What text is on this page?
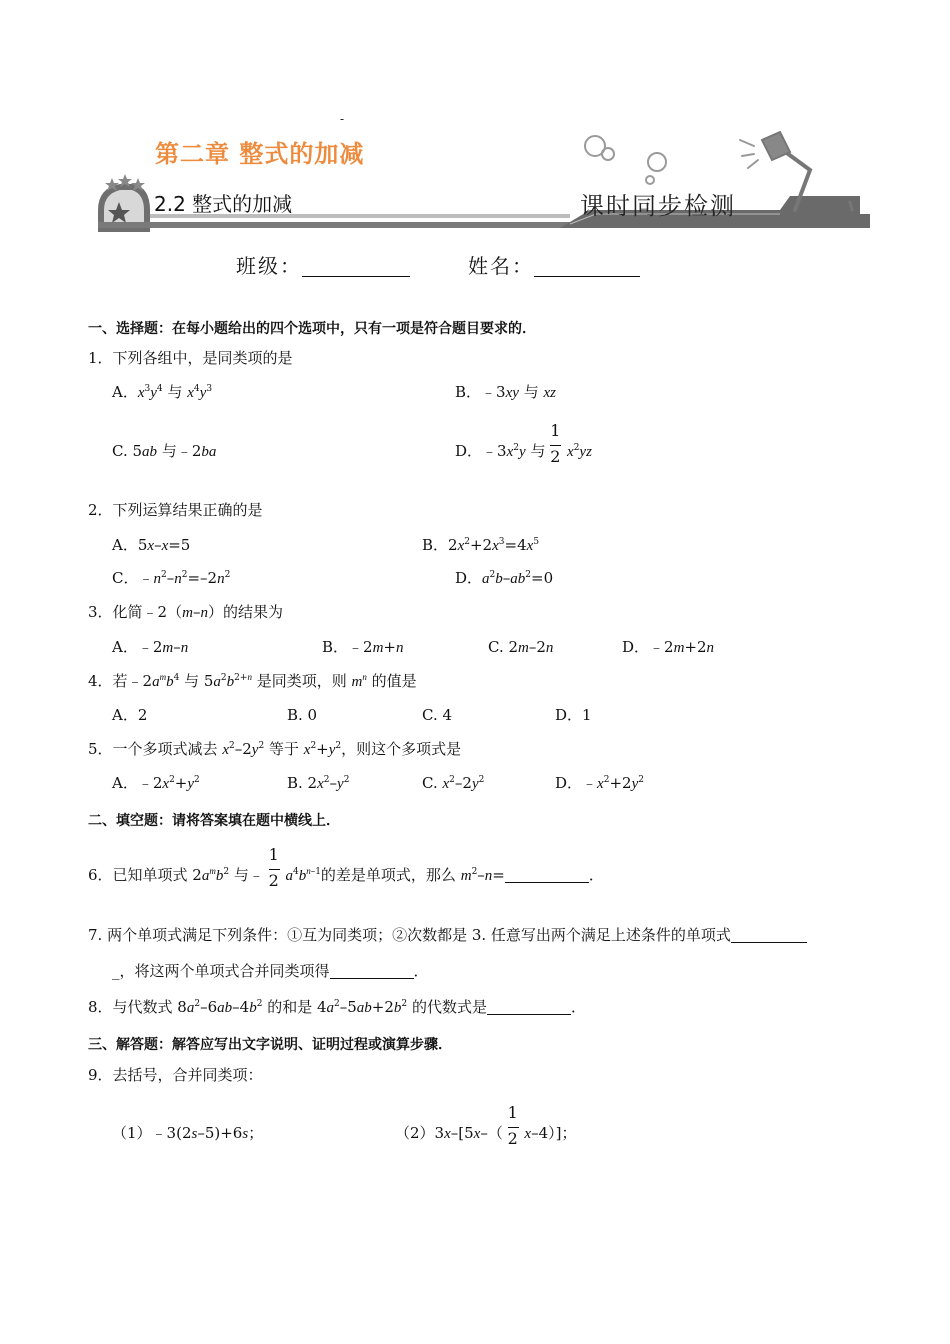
-
第二章 整式的加减
2.2 整式的加减	课时同步检测
班级：	姓名：
一、选择题：在每小题给出的四个选项中，只有一项是符合题目要求的．
1．下列各组中，是同类项的是
A．$x^3y^4$ 与 $x^4y^3$	B．﹣3xy 与 xz
C. 5ab 与﹣2ba	D．$﹣3x^2y$ 与 $\frac{1}{2} x^2yz$
2．下列运算结果正确的是
A．5x–x=5	B．$2x^2+2x^3=4x^5$
C．$﹣n^2-n^2=-2n^2$	D．$a^2b-ab^2=0$
3．化简﹣2（m–n）的结果为
A．﹣2m–n	B．﹣2m+n	C. 2m–2n	D．﹣2m+2n
4．若$﹣2a^mb^4$ 与 $5a^2b^{2+n}$ 是同类项，则 $m^n$ 的值是
A．2	B. 0	C. 4	D．1
5．一个多项式减去 $x^2-2y^2$ 等于 $x^2+y^2$，则这个多项式是
A．$﹣2x^2+y^2$	B. $2x^2-y^2$	C. $x^2-2y^2$	D．$﹣x^2+2y^2$
二、填空题：请将答案填在题中横线上．
6．已知单项式 $2a^mb^2$ 与﹣ $\frac{1}{2} a^4b^{n-1}$的差是单项式，那么 $m^2-n=$	．
7. 两个单项式满足下列条件：①互为同类项；②次数都是 3. 任意写出两个满足上述条件的单项式
_，将这两个单项式合并同类项得	．
8．与代数式 $8a^2-6ab-4b^2$ 的和是 $4a^2-5ab+2b^2$ 的代数式是	．
三、解答题：解答应写出文字说明、证明过程或演算步骤．
9．去括号，合并同类项：
（1）﹣3(2s–5)+6s；	$(2)3x-[5x-( \frac{1}{2} x-4)]$；
